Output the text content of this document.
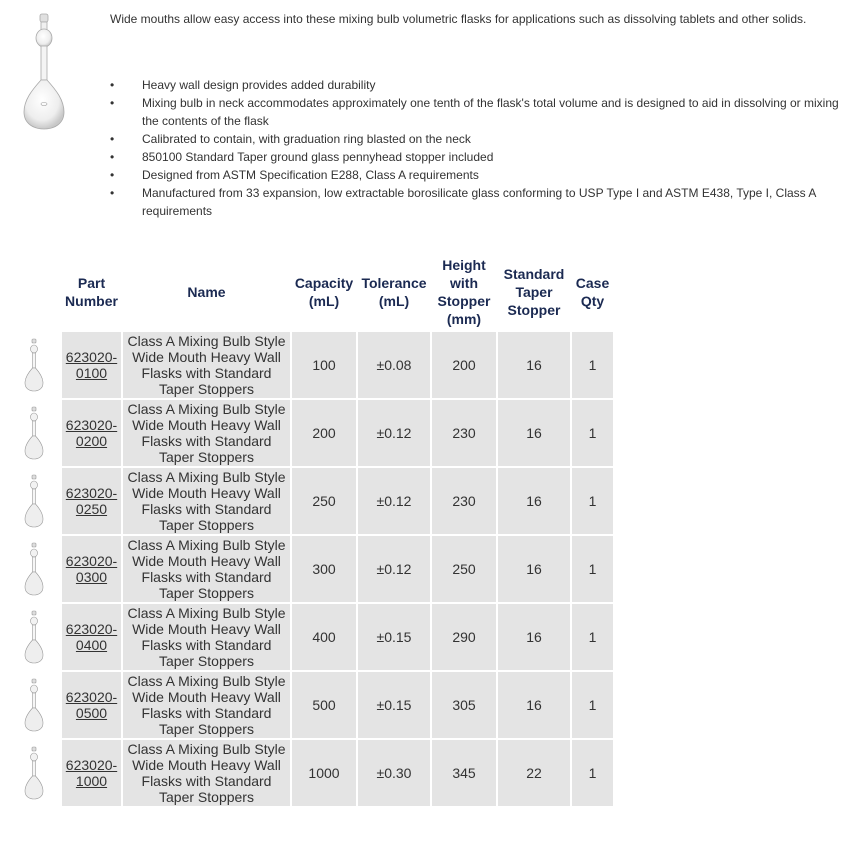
Wide mouths allow easy access into these mixing bulb volumetric flasks for applications such as dissolving tablets and other solids.

•	Heavy wall design provides added durability
•	Mixing bulb in neck accommodates approximately one tenth of the flask's total volume and is designed to aid in dissolving or mixing the contents of the flask
•	Calibrated to contain, with graduation ring blasted on the neck
•	850100 Standard Taper ground glass pennyhead stopper included
•	Designed from ASTM Specification E288, Class A requirements
•	Manufactured from 33 expansion, low extractable borosilicate glass conforming to USP Type I and ASTM E438, Type I, Class A requirements
	Part Number	Name	Capacity (mL)	Tolerance (mL)	Height with Stopper (mm)	Standard Taper Stopper	Case Qty

	623020-0100	Class A Mixing Bulb Style Wide Mouth Heavy Wall Flasks with Standard Taper Stoppers	100	±0.08	200	16	1

	623020-0200	Class A Mixing Bulb Style Wide Mouth Heavy Wall Flasks with Standard Taper Stoppers	200	±0.12	230	16	1

	623020-0250	Class A Mixing Bulb Style Wide Mouth Heavy Wall Flasks with Standard Taper Stoppers	250	±0.12	230	16	1

	623020-0300	Class A Mixing Bulb Style Wide Mouth Heavy Wall Flasks with Standard Taper Stoppers	300	±0.12	250	16	1

	623020-0400	Class A Mixing Bulb Style Wide Mouth Heavy Wall Flasks with Standard Taper Stoppers	400	±0.15	290	16	1

	623020-0500	Class A Mixing Bulb Style Wide Mouth Heavy Wall Flasks with Standard Taper Stoppers	500	±0.15	305	16	1

	623020-1000	Class A Mixing Bulb Style Wide Mouth Heavy Wall Flasks with Standard Taper Stoppers	1000	±0.30	345	22	1
